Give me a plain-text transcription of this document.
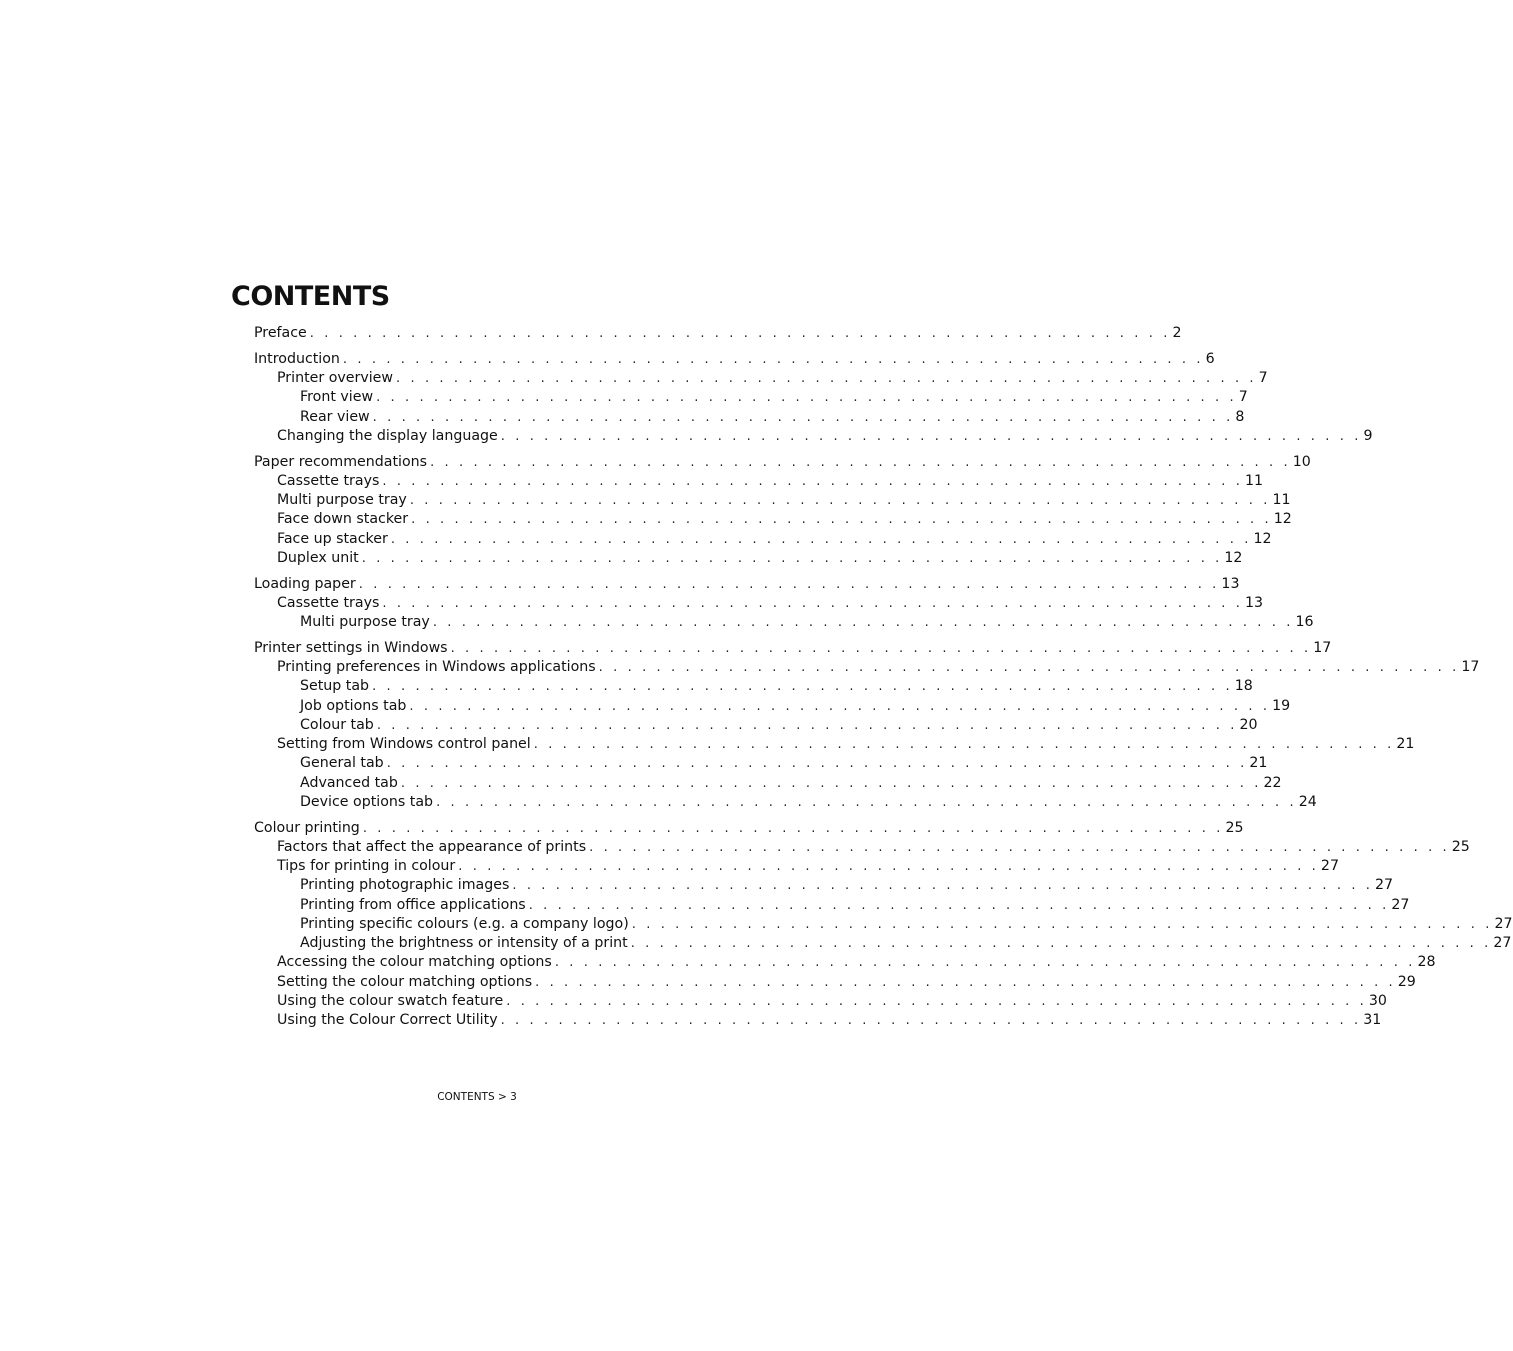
CONTENTS
Preface . . . . . . . . . . . . . . . . . . . . . . . . . . . . . . . . . . . . . . . . . . . . . . . . . . . . . . . . . . . . 2
Introduction . . . . . . . . . . . . . . . . . . . . . . . . . . . . . . . . . . . . . . . . . . . . . . . . . . . . . . . . . . . . 6
Printer overview . . . . . . . . . . . . . . . . . . . . . . . . . . . . . . . . . . . . . . . . . . . . . . . . . . . . . . . . . . . . 7
Front view . . . . . . . . . . . . . . . . . . . . . . . . . . . . . . . . . . . . . . . . . . . . . . . . . . . . . . . . . . . . 7
Rear view . . . . . . . . . . . . . . . . . . . . . . . . . . . . . . . . . . . . . . . . . . . . . . . . . . . . . . . . . . . . 8
Changing the display language . . . . . . . . . . . . . . . . . . . . . . . . . . . . . . . . . . . . . . . . . . . . . . . . . . . . . . . . . . . . 9
Paper recommendations . . . . . . . . . . . . . . . . . . . . . . . . . . . . . . . . . . . . . . . . . . . . . . . . . . . . . . . . . . . . 10
Cassette trays . . . . . . . . . . . . . . . . . . . . . . . . . . . . . . . . . . . . . . . . . . . . . . . . . . . . . . . . . . . . 11
Multi purpose tray . . . . . . . . . . . . . . . . . . . . . . . . . . . . . . . . . . . . . . . . . . . . . . . . . . . . . . . . . . . . 11
Face down stacker . . . . . . . . . . . . . . . . . . . . . . . . . . . . . . . . . . . . . . . . . . . . . . . . . . . . . . . . . . . . 12
Face up stacker . . . . . . . . . . . . . . . . . . . . . . . . . . . . . . . . . . . . . . . . . . . . . . . . . . . . . . . . . . . . 12
Duplex unit . . . . . . . . . . . . . . . . . . . . . . . . . . . . . . . . . . . . . . . . . . . . . . . . . . . . . . . . . . . . 12
Loading paper . . . . . . . . . . . . . . . . . . . . . . . . . . . . . . . . . . . . . . . . . . . . . . . . . . . . . . . . . . . . 13
Cassette trays . . . . . . . . . . . . . . . . . . . . . . . . . . . . . . . . . . . . . . . . . . . . . . . . . . . . . . . . . . . . 13
Multi purpose tray . . . . . . . . . . . . . . . . . . . . . . . . . . . . . . . . . . . . . . . . . . . . . . . . . . . . . . . . . . . . 16
Printer settings in Windows . . . . . . . . . . . . . . . . . . . . . . . . . . . . . . . . . . . . . . . . . . . . . . . . . . . . . . . . . . . . 17
Printing preferences in Windows applications . . . . . . . . . . . . . . . . . . . . . . . . . . . . . . . . . . . . . . . . . . . . . . . . . . . . . . . . . . . . 17
Setup tab . . . . . . . . . . . . . . . . . . . . . . . . . . . . . . . . . . . . . . . . . . . . . . . . . . . . . . . . . . . . 18
Job options tab . . . . . . . . . . . . . . . . . . . . . . . . . . . . . . . . . . . . . . . . . . . . . . . . . . . . . . . . . . . . 19
Colour tab . . . . . . . . . . . . . . . . . . . . . . . . . . . . . . . . . . . . . . . . . . . . . . . . . . . . . . . . . . . . 20
Setting from Windows control panel . . . . . . . . . . . . . . . . . . . . . . . . . . . . . . . . . . . . . . . . . . . . . . . . . . . . . . . . . . . . 21
General tab . . . . . . . . . . . . . . . . . . . . . . . . . . . . . . . . . . . . . . . . . . . . . . . . . . . . . . . . . . . . 21
Advanced tab . . . . . . . . . . . . . . . . . . . . . . . . . . . . . . . . . . . . . . . . . . . . . . . . . . . . . . . . . . . . 22
Device options tab . . . . . . . . . . . . . . . . . . . . . . . . . . . . . . . . . . . . . . . . . . . . . . . . . . . . . . . . . . . . 24
Colour printing . . . . . . . . . . . . . . . . . . . . . . . . . . . . . . . . . . . . . . . . . . . . . . . . . . . . . . . . . . . . 25
Factors that affect the appearance of prints . . . . . . . . . . . . . . . . . . . . . . . . . . . . . . . . . . . . . . . . . . . . . . . . . . . . . . . . . . . . 25
Tips for printing in colour . . . . . . . . . . . . . . . . . . . . . . . . . . . . . . . . . . . . . . . . . . . . . . . . . . . . . . . . . . . . 27
Printing photographic images . . . . . . . . . . . . . . . . . . . . . . . . . . . . . . . . . . . . . . . . . . . . . . . . . . . . . . . . . . . . 27
Printing from office applications . . . . . . . . . . . . . . . . . . . . . . . . . . . . . . . . . . . . . . . . . . . . . . . . . . . . . . . . . . . . 27
Printing specific colours (e.g. a company logo) . . . . . . . . . . . . . . . . . . . . . . . . . . . . . . . . . . . . . . . . . . . . . . . . . . . . . . . . . . . . 27
Adjusting the brightness or intensity of a print . . . . . . . . . . . . . . . . . . . . . . . . . . . . . . . . . . . . . . . . . . . . . . . . . . . . . . . . . . . . 27
Accessing the colour matching options . . . . . . . . . . . . . . . . . . . . . . . . . . . . . . . . . . . . . . . . . . . . . . . . . . . . . . . . . . . . 28
Setting the colour matching options . . . . . . . . . . . . . . . . . . . . . . . . . . . . . . . . . . . . . . . . . . . . . . . . . . . . . . . . . . . . 29
Using the colour swatch feature . . . . . . . . . . . . . . . . . . . . . . . . . . . . . . . . . . . . . . . . . . . . . . . . . . . . . . . . . . . . 30
Using the Colour Correct Utility . . . . . . . . . . . . . . . . . . . . . . . . . . . . . . . . . . . . . . . . . . . . . . . . . . . . . . . . . . . . 31
CONTENTS > 3
